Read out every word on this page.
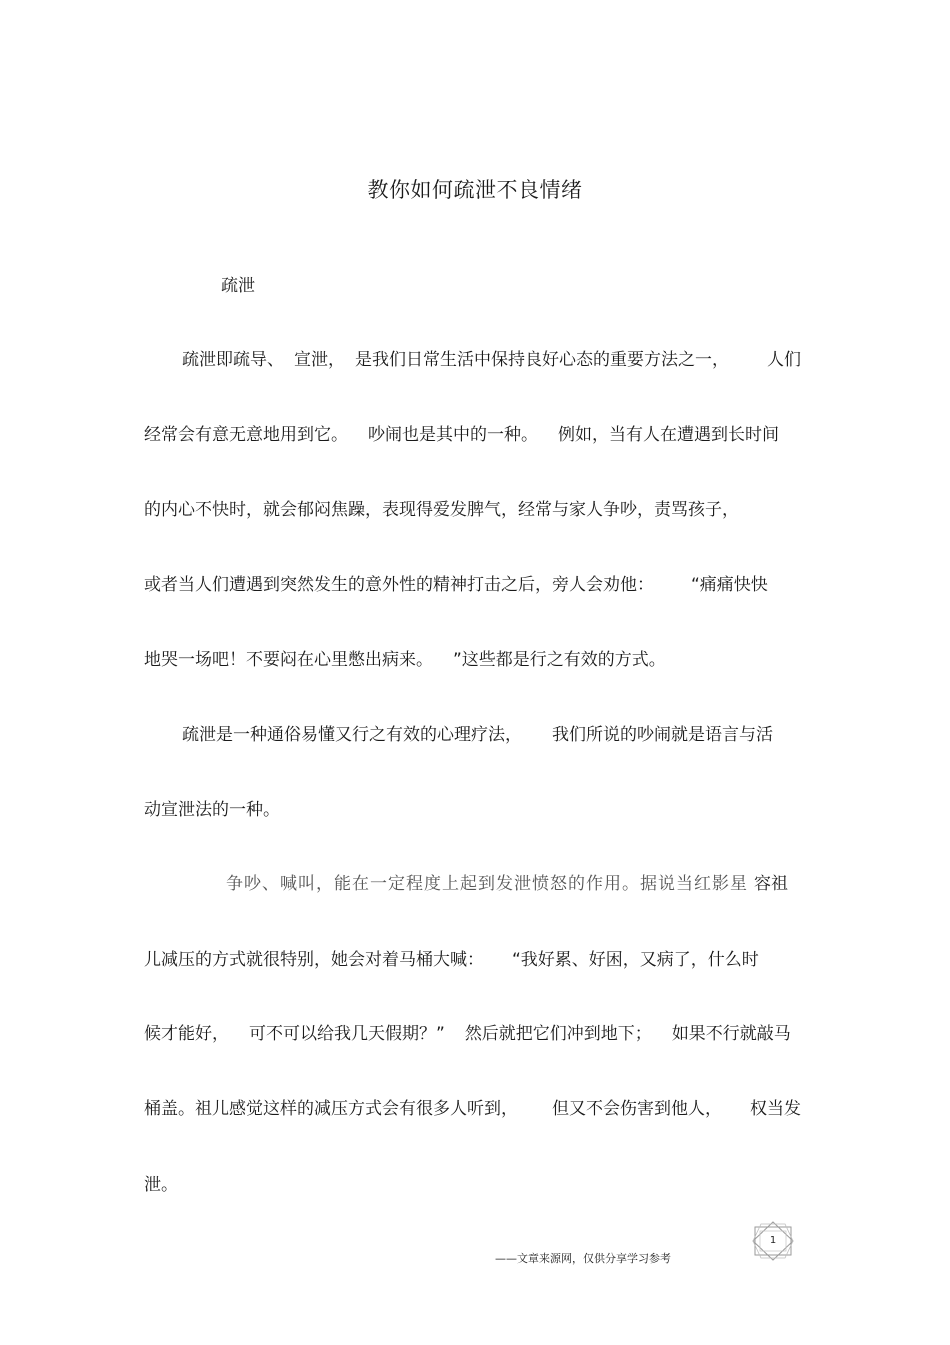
教你如何疏泄不良情绪
疏泄
疏泄即疏导、 宣泄， 是我们日常生活中保持良好心态的重要方法之一， 人们
经常会有意无意地用到它。 吵闹也是其中的一种。 例如，当有人在遭遇到长时间
的内心不快时，就会郁闷焦躁，表现得爱发脾气，经常与家人争吵，责骂孩子，
或者当人们遭遇到突然发生的意外性的精神打击之后，旁人会劝他： “痛痛快快
地哭一场吧！不要闷在心里憋出病来。 ”这些都是行之有效的方式。
疏泄是一种通俗易懂又行之有效的心理疗法， 我们所说的吵闹就是语言与活
动宣泄法的一种。
争吵、喊叫，能在一定程度上起到发泄愤怒的作用。据说当红影星 容祖
儿减压的方式就很特别，她会对着马桶大喊： “我好累、好困，又病了，什么时
候才能好， 可不可以给我几天假期？” 然后就把它们冲到地下； 如果不行就敲马
桶盖。祖儿感觉这样的减压方式会有很多人听到， 但又不会伤害到他人， 权当发
泄。
——文章来源网，仅供分享学习参考
1
